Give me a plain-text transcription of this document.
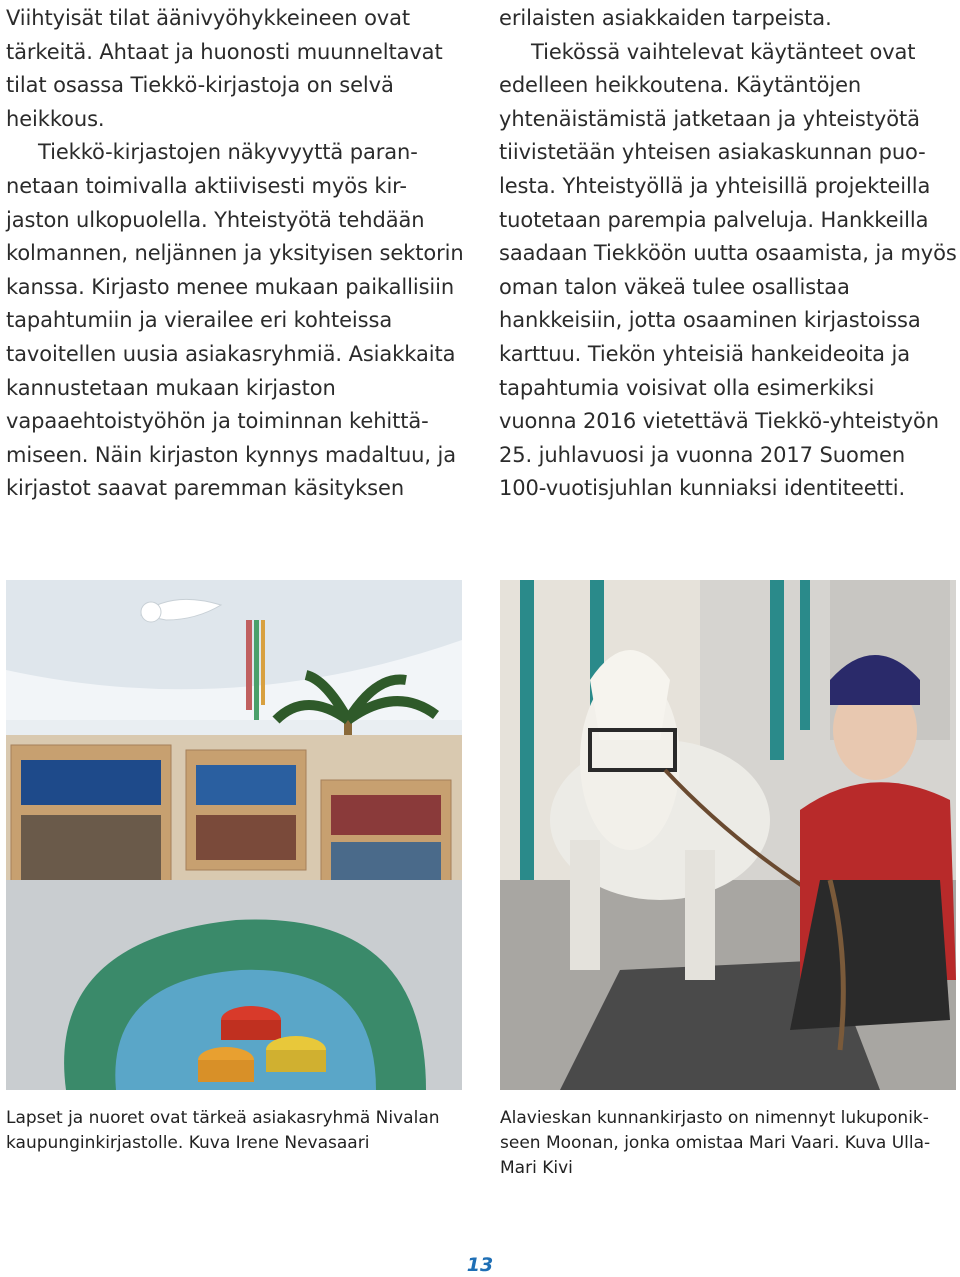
Viihtyisät tilat äänivyöhykkeineen ovat tärkeitä. Ahtaat ja huonosti muunneltavat tilat osassa Tiekkö-kirjastoja on selvä heikkous.

Tiekkö-kirjastojen näkyvyyttä paran-netaan toimivalla aktiivisesti myös kir-jaston ulkopuolella. Yhteistyötä tehdään kolmannen, neljännen ja yksityisen sektorin kanssa. Kirjasto menee mukaan paikallisiin tapahtumiin ja vierailee eri kohteissa tavoitellen uusia asiakasryhmiä. Asiakkaita kannustetaan mukaan kirjaston vapaaehtoistyöhön ja toiminnan kehittä-miseen. Näin kirjaston kynnys madaltuu, ja kirjastot saavat paremman käsityksen

erilaisten asiakkaiden tarpeista.

Tiekössä vaihtelevat käytänteet ovat edelleen heikkoutena. Käytäntöjen yhtenäistämistä jatketaan ja yhteistyötä tiivistetään yhteisen asiakaskunnan puo-lesta. Yhteistyöllä ja yhteisillä projekteilla tuotetaan parempia palveluja. Hankkeilla saadaan Tiekköön uutta osaamista, ja myös oman talon väkeä tulee osallistaa hankkeisiin, jotta osaaminen kirjastoissa karttuu. Tiekön yhteisiä hankeideoita ja tapahtumia voisivat olla esimerkiksi vuonna 2016 vietettävä Tiekkö-yhteistyön 25. juhlavuosi ja vuonna 2017 Suomen 100-vuotisjuhlan kunniaksi identiteetti.

Lapset ja nuoret ovat tärkeä asiakasryhmä Nivalan kaupunginkirjastolle. Kuva Irene Nevasaari
Alavieskan kunnankirjasto on nimennyt lukuponik-seen Moonan, jonka omistaa Mari Vaari. Kuva Ulla-Mari Kivi
13
